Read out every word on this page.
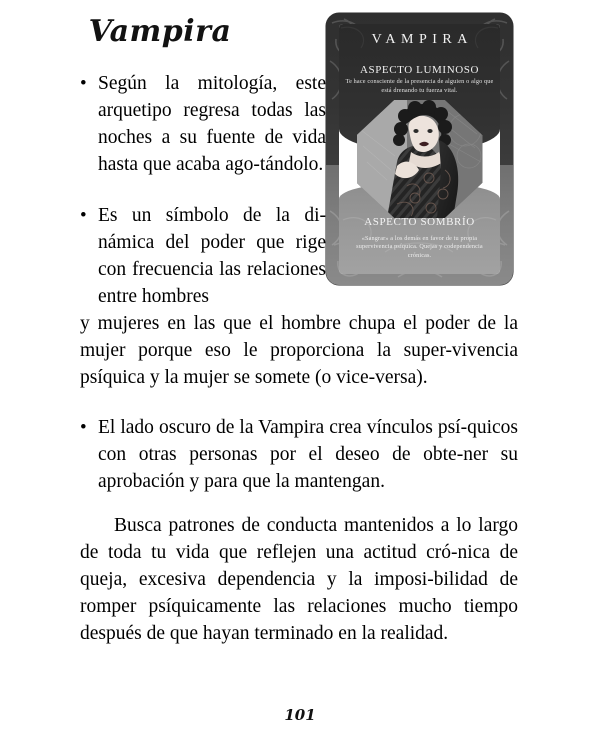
Vampira	VAMPIRA
ASPECTO LUMINOSO
Te hace consciente de la presencia de alguien o algo que está drenando tu fuerza vital.
ASPECTO SOMBRÍO
«Sangrar» a los demás en favor de tu propia supervivencia psíquica. Quejas y codependencia crónicas.
• Según la mitología, este arquetipo regresa todas las noches a su fuente de vida hasta que acaba ago-tándolo.
• Es un símbolo de la di-námica del poder que rige con frecuencia las relaciones entre hombres
y mujeres en las que el hombre chupa el poder de la mujer porque eso le proporciona la super-vivencia psíquica y la mujer se somete (o vice-versa).
• El lado oscuro de la Vampira crea vínculos psí-quicos con otras personas por el deseo de obte-ner su aprobación y para que la mantengan.
Busca patrones de conducta mantenidos a lo largo de toda tu vida que reflejen una actitud cró-nica de queja, excesiva dependencia y la imposi-bilidad de romper psíquicamente las relaciones mucho tiempo después de que hayan terminado en la realidad.
101
